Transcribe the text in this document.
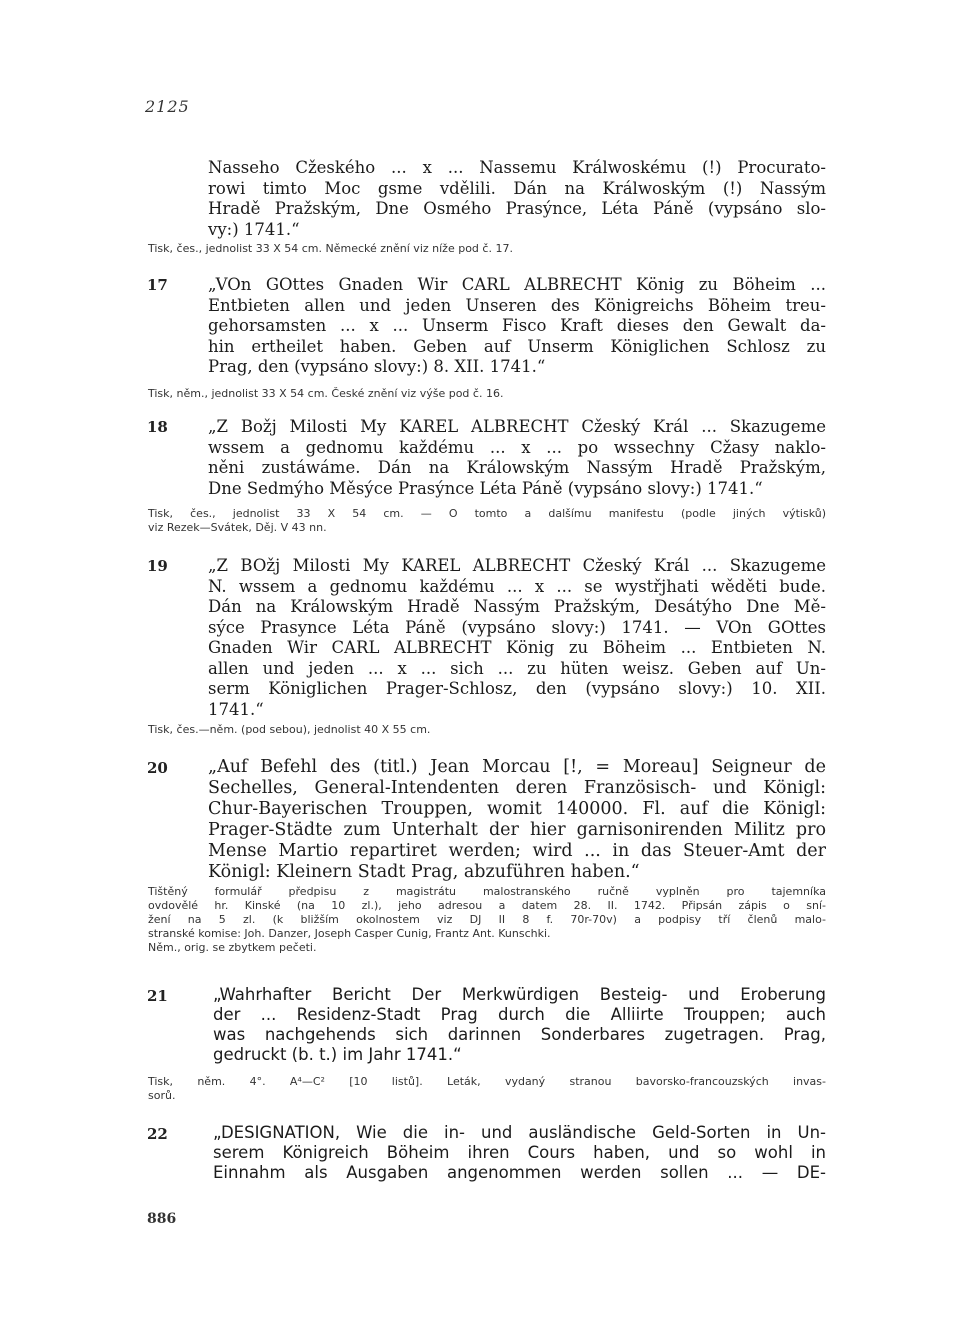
2125
Nasseho Cžeského ... x ... Nassemu Králwoskému (!) Procurato-
rowi timto Moc gsme vdělili. Dán na Králwoským (!) Nassým
Hradě Pražským, Dne Osmého Prasýnce, Léta Páně (vypsáno slo-
vy:) 1741.“
Tisk, čes., jednolist 33 X 54 cm. Německé znění viz níže pod č. 17.
17 „VOn GOttes Gnaden Wir CARL ALBRECHT König zu Böheim ...
Entbieten allen und jeden Unseren des Königreichs Böheim treu-
gehorsamsten ... x ... Unserm Fisco Kraft dieses den Gewalt da-
hin ertheilet haben. Geben auf Unserm Königlichen Schlosz zu
Prag, den (vypsáno slovy:) 8. XII. 1741.“
Tisk, něm., jednolist 33 X 54 cm. České znění viz výše pod č. 16.
18 „Z Božj Milosti My KAREL ALBRECHT Cžeský Král ... Skazugeme
wssem a gednomu každému ... x ... po wssechny Cžasy naklo-
něni zustáwáme. Dán na Králowským Nassým Hradě Pražským,
Dne Sedmýho Měsýce Prasýnce Léta Páně (vypsáno slovy:) 1741.“
Tisk, čes., jednolist 33 X 54 cm. — O tomto a dalšímu manifestu (podle jiných výtisků)
viz Rezek—Svátek, Děj. V 43 nn.
19 „Z BOžj Milosti My KAREL ALBRECHT Cžeský Král ... Skazugeme
N. wssem a gednomu každému ... x ... se wystřjhati wěděti bude.
Dán na Králowským Hradě Nassým Pražským, Desátýho Dne Mě-
sýce Prasynce Léta Páně (vypsáno slovy:) 1741. — VOn GOttes
Gnaden Wir CARL ALBRECHT König zu Böheim ... Entbieten N.
allen und jeden ... x ... sich ... zu hüten weisz. Geben auf Un-
serm Königlichen Prager-Schlosz, den (vypsáno slovy:) 10. XII.
1741.“
Tisk, čes.—něm. (pod sebou), jednolist 40 X 55 cm.
20 „Auf Befehl des (titl.) Jean Morcau [!, = Moreau] Seigneur de
Sechelles, General-Intendenten deren Französisch- und Königl:
Chur-Bayerischen Trouppen, womit 140000. Fl. auf die Königl:
Prager-Städte zum Unterhalt der hier garnisonirenden Militz pro
Mense Martio repartiret werden; wird ... in das Steuer-Amt der
Königl: Kleinern Stadt Prag, abzuführen haben.“
Tištěný formulář předpisu z magistrátu malostranského ručně vyplněn pro tajemníka
ovdovělé hr. Kinské (na 10 zl.), jeho adresou a datem 28. II. 1742. Připsán zápis o sní-
žení na 5 zl. (k bližším okolnostem viz DJ II 8 f. 70r-70v) a podpisy tří členů malo-
stranské komise: Joh. Danzer, Joseph Casper Cunig, Frantz Ant. Kunschki.
Něm., orig. se zbytkem pečeti.
21	„Wahrhafter Bericht Der Merkwürdigen Besteig- und Eroberung
der ... Residenz-Stadt Prag durch die Alliirte Trouppen; auch
was nachgehends sich darinnen Sonderbares zugetragen. Prag,
gedruckt (b. t.) im Jahr 1741.“
Tisk, něm. 4°. A⁴—C² [10 listů]. Leták, vydaný stranou bavorsko-francouzských invas-
sorů.
22	„DESIGNATION, Wie die in- und ausländische Geld-Sorten in Un-
serem Königreich Böheim ihren Cours haben, und so wohl in
Einnahm als Ausgaben angenommen werden sollen ... — DE-
886
